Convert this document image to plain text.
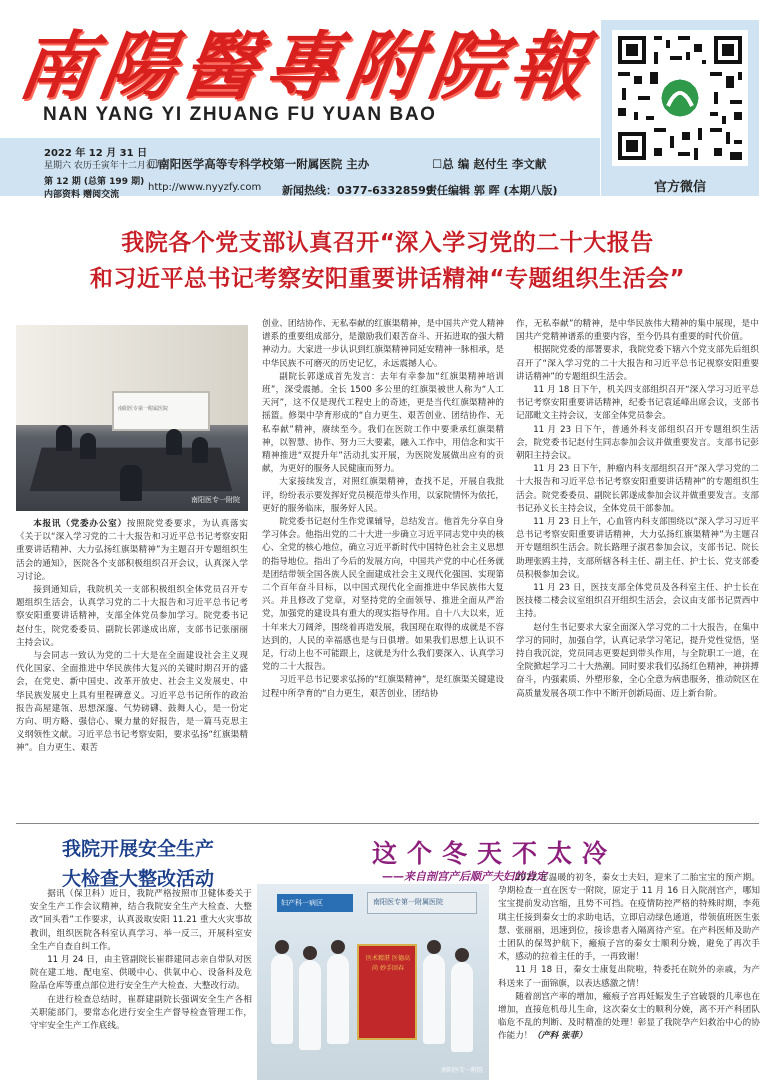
南
陽
醫
專
附
院
報
NAN YANG YI ZHUANG FU YUAN BAO
2022 年 12 月 31 日
星期六 农历壬寅年十二月初九
第 12 期 (总第 199 期)
内部资料 赠阅交流
☐南阳医学高等专科学校第一附属医院 主办	☐总 编 赵付生 李文献
http://www.nyyzfy.com 新闻热线：0377-63328599
责任编辑 郭 晖 (本期八版)	官方微信
我院各个党支部认真召开“深入学习党的二十大报告
和习近平总书记考察安阳重要讲话精神“专题组织生活会”
南阳医专第一附属医院
南阳医专一附院

本报讯（党委办公室）按照院党委要求，为认真落实《关于以“深入学习党的二十大报告和习近平总书记考察安阳重要讲话精神、大力弘扬红旗渠精神”为主题召开专题组织生活会的通知》，医院各个支部积极组织召开会议，认真深入学习讨论。

接到通知后，我院机关一支部积极组织全体党员召开专题组织生活会，认真学习党的二十大报告和习近平总书记考察安阳重要讲话精神，支部全体党员参加学习。院党委书记赵付生，院党委委员、副院长郭遂成出席，支部书记张丽丽主持会议。

与会同志一致认为党的二十大是在全面建设社会主义现代化国家、全面推进中华民族伟大复兴的关键时期召开的盛会，在党史、新中国史、改革开放史、社会主义发展史、中华民族发展史上具有里程碑意义。习近平总书记所作的政治报告高屋建瓴、思想深邃、气势磅礴、鼓舞人心，是一份定方向、明方略、强信心、聚力量的好报告，是一篇马克思主义纲领性文献。习近平总书记考察安阳，要求弘扬“红旗渠精神”。自力更生、艰苦

创业、团结协作、无私奉献的红旗渠精神，是中国共产党人精神谱系的重要组成部分，是激励我们艰苦奋斗、开拓进取的强大精神动力。大家进一步认识到红旗渠精神同延安精神一脉相承，是中华民族不可磨灭的历史记忆，永远震撼人心。

副院长郭遂成首先发言：去年有幸参加“红旗渠精神培训班”，深受震撼。全长 1500 多公里的红旗渠被世人称为“人工天河”，这不仅是现代工程史上的奇迹，更是当代红旗渠精神的摇篮。修渠中孕育形成的“自力更生、艰苦创业、团结协作、无私奉献”精神，赓续至今。我们在医院工作中要秉承红旗渠精神，以智慧、协作、努力三大要素，融入工作中，用信念和实干精神推进“双提升年”活动扎实开展，为医院发展做出应有的贡献，为更好的服务人民健康而努力。

大家接续发言，对照红旗渠精神，查找不足，开展自我批评，纷纷表示要发挥好党员模范带头作用，以家院情怀为依托，更好的服务临床，服务好人民。

院党委书记赵付生作党课辅导，总结发言。他首先分享自身学习体会。他指出党的二十大进一步确立习近平同志党中央的核心、全党的核心地位，确立习近平新时代中国特色社会主义思想的指导地位。指出了今后的发展方向，中国共产党的中心任务就是团结带领全国各族人民全面建成社会主义现代化强国、实现第二个百年奋斗目标，以中国式现代化全面推进中华民族伟大复兴。并且修改了党章，对坚持党的全面领导、推进全面从严治党，加强党的建设具有重大的现实指导作用。自十八大以来，近十年来大刀阔斧，围绕着再造发展，我国现在取得的成就是不容达到的，人民的幸福感也是与日俱增。如果我们思想上认识不足，行动上也不可能跟上，这就是为什么我们要深入、认真学习党的二十大报告。

习近平总书记要求弘扬的“红旗渠精神”，是红旗渠关键建设过程中所孕育的“自力更生，艰苦创业，团结协

作，无私奉献”的精神，是中华民族伟大精神的集中展现，是中国共产党精神谱系的重要内容，至今仍具有重要的时代价值。

根据院党委的部署要求，我院党委下辖六个党支部先后组织召开了“深入学习党的二十大报告和习近平总书记视察安阳重要讲话精神”的专题组织生活会。

11 月 18 日下午，机关四支部组织召开“深入学习习近平总书记考察安阳重要讲话精神，纪委书记袁延峰出席会议，支部书记邵毗文主持会议，支部全体党员参会。

11 月 23 日下午，普通外科支部组织召开专题组织生活会，院党委书记赵付生同志参加会议并做重要发言。支部书记彭朝阳主持会议。

11 月 23 日下午，肿瘤内科支部组织召开“深入学习党的二十大报告和习近平总书记考察安阳重要讲话精神”的专题组织生活会。院党委委员、副院长郭遂成参加会议并做重要发言。支部书记孙义长主持会议，全体党员干部参加。

11 月 23 日上午，心血管内科支部围绕以“深入学习习近平总书记考察安阳重要讲话精神，大力弘扬红旗渠精神”为主题召开专题组织生活会。院长路理子淑君参加会议，支部书记、院长助理张鸥主持，支部所辖各科主任、副主任、护士长、党支部委员积极参加会议。

11 月 23 日，医技支部全体党员及各科室主任、护士长在医技楼二楼会议室组织召开组织生活会，会议由支部书记贾西中主持。

赵付生书记要求大家全面深入学习党的二十大报告，在集中学习的同时，加强自学，认真记录学习笔记，提升党性觉悟，坚持自我沉淀，党员同志更要起到带头作用，与全院职工一道，在全院掀起学习二十大热潮。同时要求我们弘扬红色精神，神拼搏奋斗，内强素质、外塑形象，全心全意为病患服务，推动院区在高质量发展各项工作中不断开创新局面、迈上新台阶。

我院开展安全生产
大检查大整改活动

据讯（保卫科）近日，我院严格按照市卫健体委关于安全生产工作会议精神，结合我院安全生产大检查、大整改“回头看”工作要求，认真汲取安阳 11.21 重大火灾事故教训，组织医院各科室认真学习、举一反三，开展科室安全生产自查自纠工作。

11 月 24 日，由主管副院长崔群建同志亲自带队对医院在建工地、配电室、供暖中心、供氧中心、设备科及危险品仓库等重点部位进行安全生产大检查、大整改行动。

在进行检查总结时，崔群建副院长强调安全生产各相关职能部门，要常态化进行安全生产督导检查管理工作，守牢安全生产工作底线。

这个冬天不太冷
——来自剖宫产后顺产夫妇的肯定
妇产科一病区	南阳医专第一附属医院
医术精湛 医德高尚 妙手回春
南阳医专一附院

2022 年温暖的初冬，秦女士夫妇，迎来了二胎宝宝的预产期。孕期检查一直在医专一附院，原定于 11 月 16 日入院剖宫产，哪知宝宝提前发动宫缩，且势不可挡。在疫情防控严格的特殊时期，李苑琪主任接到秦女士的求助电话，立即启动绿色通道，带领值班医生张慧、张丽丽，迅速到位，接诊患者入隔离待产室。在产科医师及助产士团队的保驾护航下，瘢痕子宫的秦女士顺利分娩，避免了再次手术，感动的拉着主任的手，一再致谢！

11 月 18 日，秦女士康复出院啦，特委托在院外的亲戚，为产科送来了一面锦旗，以表达感激之情！

随着剖宫产率的增加，瘢痕子宫再妊娠发生子宫破裂的几率也在增加，直接危机母儿生命，这次秦女士的顺利分娩，离不开产科团队临危不乱的判断、及时精准的处理！彰显了我院孕产妇救治中心的协作能力！（产科 张菲）
